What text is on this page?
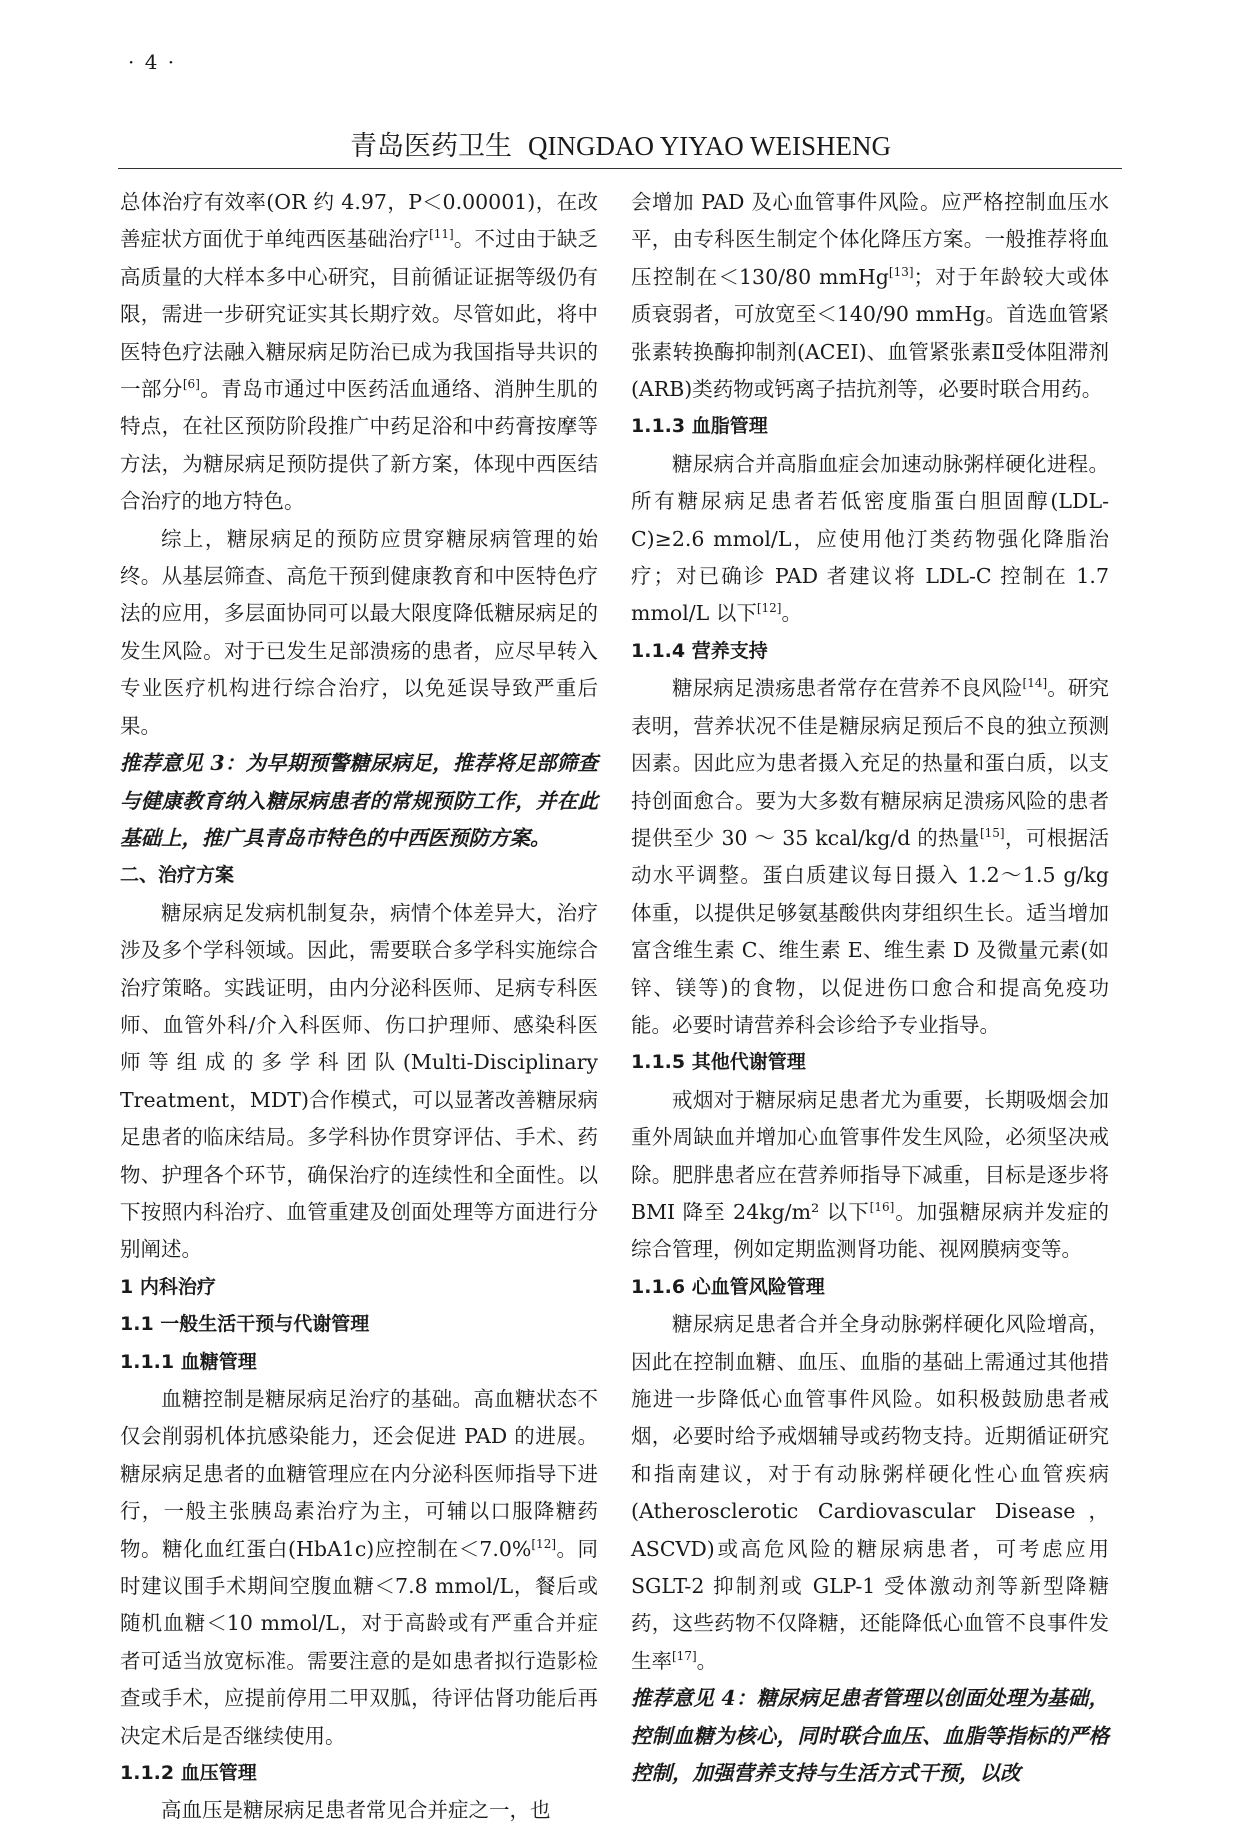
· 4 ·
青岛医药卫生 QINGDAO YIYAO WEISHENG

总体治疗有效率(OR 约 4.97，P＜0.00001)，在改善症状方面优于单纯西医基础治疗[11]。不过由于缺乏高质量的大样本多中心研究，目前循证证据等级仍有限，需进一步研究证实其长期疗效。尽管如此，将中医特色疗法融入糖尿病足防治已成为我国指导共识的一部分[6]。青岛市通过中医药活血通络、消肿生肌的特点，在社区预防阶段推广中药足浴和中药膏按摩等方法，为糖尿病足预防提供了新方案，体现中西医结合治疗的地方特色。

综上，糖尿病足的预防应贯穿糖尿病管理的始终。从基层筛查、高危干预到健康教育和中医特色疗法的应用，多层面协同可以最大限度降低糖尿病足的发生风险。对于已发生足部溃疡的患者，应尽早转入专业医疗机构进行综合治疗，以免延误导致严重后果。

推荐意见 3：为早期预警糖尿病足，推荐将足部筛查与健康教育纳入糖尿病患者的常规预防工作，并在此基础上，推广具青岛市特色的中西医预防方案。

二、治疗方案

糖尿病足发病机制复杂，病情个体差异大，治疗涉及多个学科领域。因此，需要联合多学科实施综合治疗策略。实践证明，由内分泌科医师、足病专科医师、血管外科/介入科医师、伤口护理师、感染科医师等组成的多学科团队(Multi-Disciplinary Treatment，MDT)合作模式，可以显著改善糖尿病足患者的临床结局。多学科协作贯穿评估、手术、药物、护理各个环节，确保治疗的连续性和全面性。以下按照内科治疗、血管重建及创面处理等方面进行分别阐述。

1 内科治疗

1.1 一般生活干预与代谢管理

1.1.1 血糖管理

血糖控制是糖尿病足治疗的基础。高血糖状态不仅会削弱机体抗感染能力，还会促进 PAD 的进展。糖尿病足患者的血糖管理应在内分泌科医师指导下进行，一般主张胰岛素治疗为主，可辅以口服降糖药物。糖化血红蛋白(HbA1c)应控制在＜7.0%[12]。同时建议围手术期间空腹血糖＜7.8 mmol/L，餐后或随机血糖＜10 mmol/L，对于高龄或有严重合并症者可适当放宽标准。需要注意的是如患者拟行造影检查或手术，应提前停用二甲双胍，待评估肾功能后再决定术后是否继续使用。

1.1.2 血压管理

高血压是糖尿病足患者常见合并症之一，也

会增加 PAD 及心血管事件风险。应严格控制血压水平，由专科医生制定个体化降压方案。一般推荐将血压控制在＜130/80 mmHg[13]；对于年龄较大或体质衰弱者，可放宽至＜140/90 mmHg。首选血管紧张素转换酶抑制剂(ACEI)、血管紧张素Ⅱ受体阻滞剂(ARB)类药物或钙离子拮抗剂等，必要时联合用药。

1.1.3 血脂管理

糖尿病合并高脂血症会加速动脉粥样硬化进程。所有糖尿病足患者若低密度脂蛋白胆固醇(LDL-C)≥2.6 mmol/L，应使用他汀类药物强化降脂治疗；对已确诊 PAD 者建议将 LDL-C 控制在 1.7 mmol/L 以下[12]。

1.1.4 营养支持

糖尿病足溃疡患者常存在营养不良风险[14]。研究表明，营养状况不佳是糖尿病足预后不良的独立预测因素。因此应为患者摄入充足的热量和蛋白质，以支持创面愈合。要为大多数有糖尿病足溃疡风险的患者提供至少 30 ～ 35 kcal/kg/d 的热量[15]，可根据活动水平调整。蛋白质建议每日摄入 1.2～1.5 g/kg 体重，以提供足够氨基酸供肉芽组织生长。适当增加富含维生素 C、维生素 E、维生素 D 及微量元素(如锌、镁等)的食物，以促进伤口愈合和提高免疫功能。必要时请营养科会诊给予专业指导。

1.1.5 其他代谢管理

戒烟对于糖尿病足患者尤为重要，长期吸烟会加重外周缺血并增加心血管事件发生风险，必须坚决戒除。肥胖患者应在营养师指导下减重，目标是逐步将 BMI 降至 24kg/m² 以下[16]。加强糖尿病并发症的综合管理，例如定期监测肾功能、视网膜病变等。

1.1.6 心血管风险管理

糖尿病足患者合并全身动脉粥样硬化风险增高，因此在控制血糖、血压、血脂的基础上需通过其他措施进一步降低心血管事件风险。如积极鼓励患者戒烟，必要时给予戒烟辅导或药物支持。近期循证研究和指南建议，对于有动脉粥样硬化性心血管疾病(Atherosclerotic Cardiovascular Disease，ASCVD)或高危风险的糖尿病患者，可考虑应用 SGLT-2 抑制剂或 GLP-1 受体激动剂等新型降糖药，这些药物不仅降糖，还能降低心血管不良事件发生率[17]。

推荐意见 4：糖尿病足患者管理以创面处理为基础，控制血糖为核心，同时联合血压、血脂等指标的严格控制，加强营养支持与生活方式干预，以改
